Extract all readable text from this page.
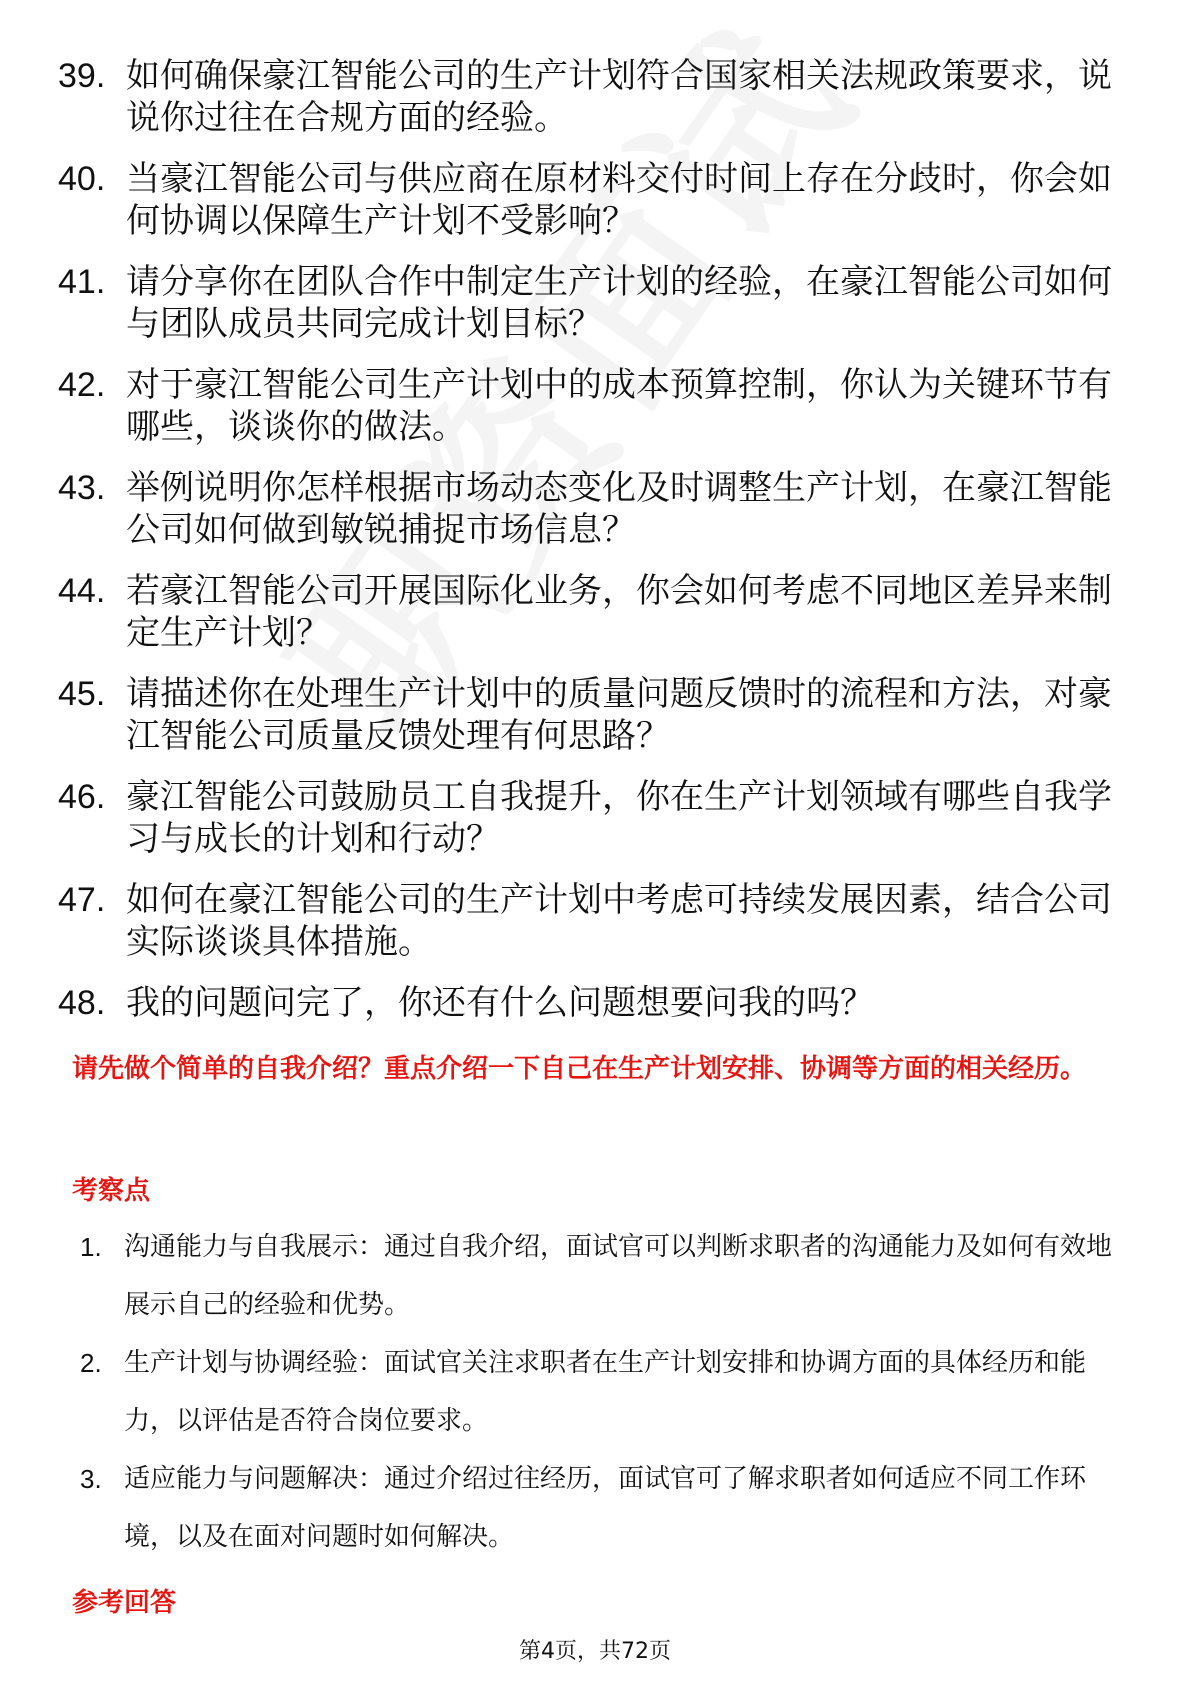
39. 如何确保豪江智能公司的生产计划符合国家相关法规政策要求，说说你过往在合规方面的经验。
40. 当豪江智能公司与供应商在原材料交付时间上存在分歧时，你会如何协调以保障生产计划不受影响？
41. 请分享你在团队合作中制定生产计划的经验，在豪江智能公司如何与团队成员共同完成计划目标？
42. 对于豪江智能公司生产计划中的成本预算控制，你认为关键环节有哪些，谈谈你的做法。
43. 举例说明你怎样根据市场动态变化及时调整生产计划，在豪江智能公司如何做到敏锐捕捉市场信息？
44. 若豪江智能公司开展国际化业务，你会如何考虑不同地区差异来制定生产计划？
45. 请描述你在处理生产计划中的质量问题反馈时的流程和方法，对豪江智能公司质量反馈处理有何思路？
46. 豪江智能公司鼓励员工自我提升，你在生产计划领域有哪些自我学习与成长的计划和行动？
47. 如何在豪江智能公司的生产计划中考虑可持续发展因素，结合公司实际谈谈具体措施。
48. 我的问题问完了，你还有什么问题想要问我的吗？
请先做个简单的自我介绍？重点介绍一下自己在生产计划安排、协调等方面的相关经历。
考察点
1. 沟通能力与自我展示：通过自我介绍，面试官可以判断求职者的沟通能力及如何有效地展示自己的经验和优势。
2. 生产计划与协调经验：面试官关注求职者在生产计划安排和协调方面的具体经历和能力，以评估是否符合岗位要求。
3. 适应能力与问题解决：通过介绍过往经历，面试官可了解求职者如何适应不同工作环境，以及在面对问题时如何解决。
参考回答
第4页，共72页
